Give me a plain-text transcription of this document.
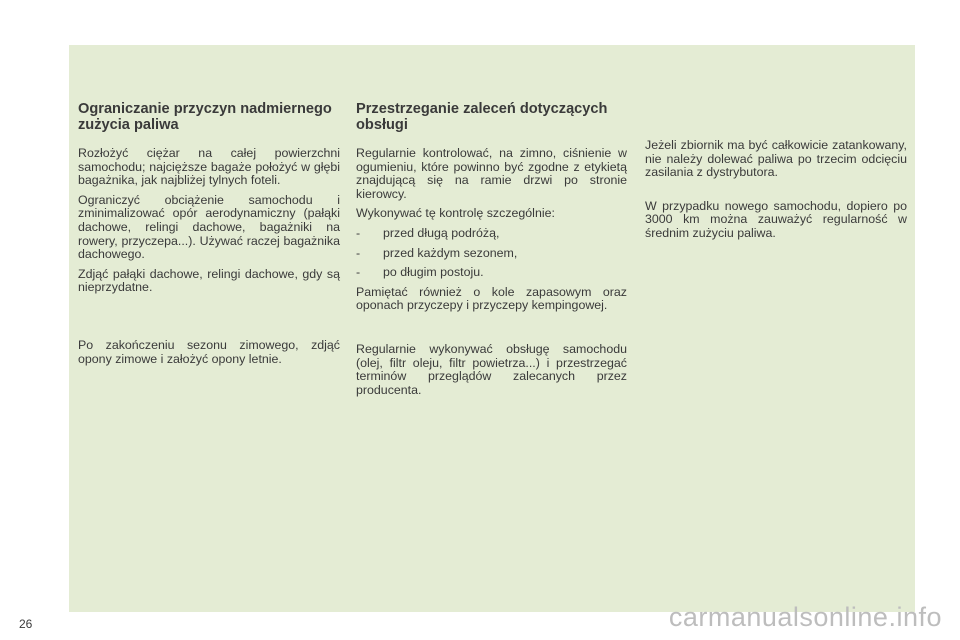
Ograniczanie przyczyn nadmiernego zużycia paliwa

Rozłożyć ciężar na całej powierzchni samochodu; najcięższe bagaże położyć w głębi bagażnika, jak najbliżej tylnych foteli.

Ograniczyć obciążenie samochodu i zminimalizować opór aerodynamiczny (pałąki dachowe, relingi dachowe, bagażniki na rowery, przyczepa...). Używać raczej bagażnika dachowego.

Zdjąć pałąki dachowe, relingi dachowe, gdy są nieprzydatne.

Po zakończeniu sezonu zimowego, zdjąć opony zimowe i założyć opony letnie.

Przestrzeganie zaleceń dotyczących obsługi

Regularnie kontrolować, na zimno, ciśnienie w ogumieniu, które powinno być zgodne z etykietą znajdującą się na ramie drzwi po stronie kierowcy.

Wykonywać tę kontrolę szczególnie:

- przed długą podróżą,
- przed każdym sezonem,
- po długim postoju.

Pamiętać również o kole zapasowym oraz oponach przyczepy i przyczepy kempingowej.

Regularnie wykonywać obsługę samochodu (olej, filtr oleju, filtr powietrza...) i przestrzegać terminów przeglądów zalecanych przez producenta.

Jeżeli zbiornik ma być całkowicie zatankowany, nie należy dolewać paliwa po trzecim odcięciu zasilania z dystrybutora.

W przypadku nowego samochodu, dopiero po 3000 km można zauważyć regularność w średnim zużyciu paliwa.

26	carmanualsonline.info
